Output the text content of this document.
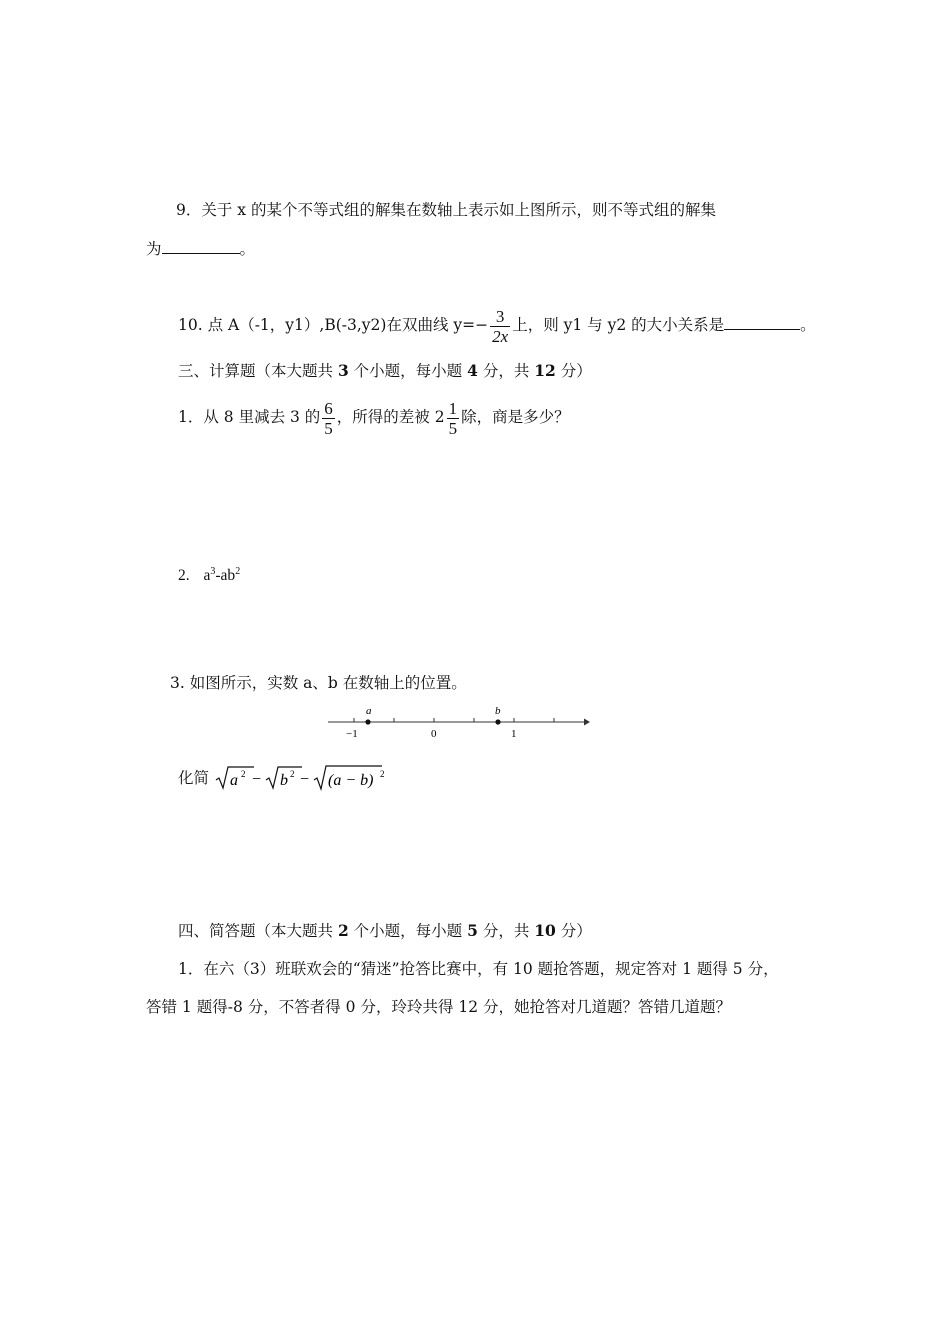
9．关于 x 的某个不等式组的解集在数轴上表示如上图所示，则不等式组的解集
为	。
10. 点 A（-1，y1）,B(-3,y2)在双曲线 $y=- \frac{3}{2x}$ 上，则 y1 与 y2 的大小关系是	。
三、计算题（本大题共 3 个小题，每小题 4 分，共 12 分）
1．从 8 里减去 3 的 $\frac{6}{5}$ ，所得的差被 $2 \frac{1}{5}$ 除，商是多少？
2. $a^3-ab^2$
3. 如图所示，实数 a、b 在数轴上的位置。
a	b
−1	0	1
化简 a 2 − b 2 − (a − b) 2
四、简答题（本大题共 2 个小题，每小题 5 分，共 10 分）
1．在六（3）班联欢会的“猜迷”抢答比赛中，有 10 题抢答题，规定答对 1 题得 5 分，
答错 1 题得-8 分，不答者得 0 分，玲玲共得 12 分，她抢答对几道题？答错几道题？
